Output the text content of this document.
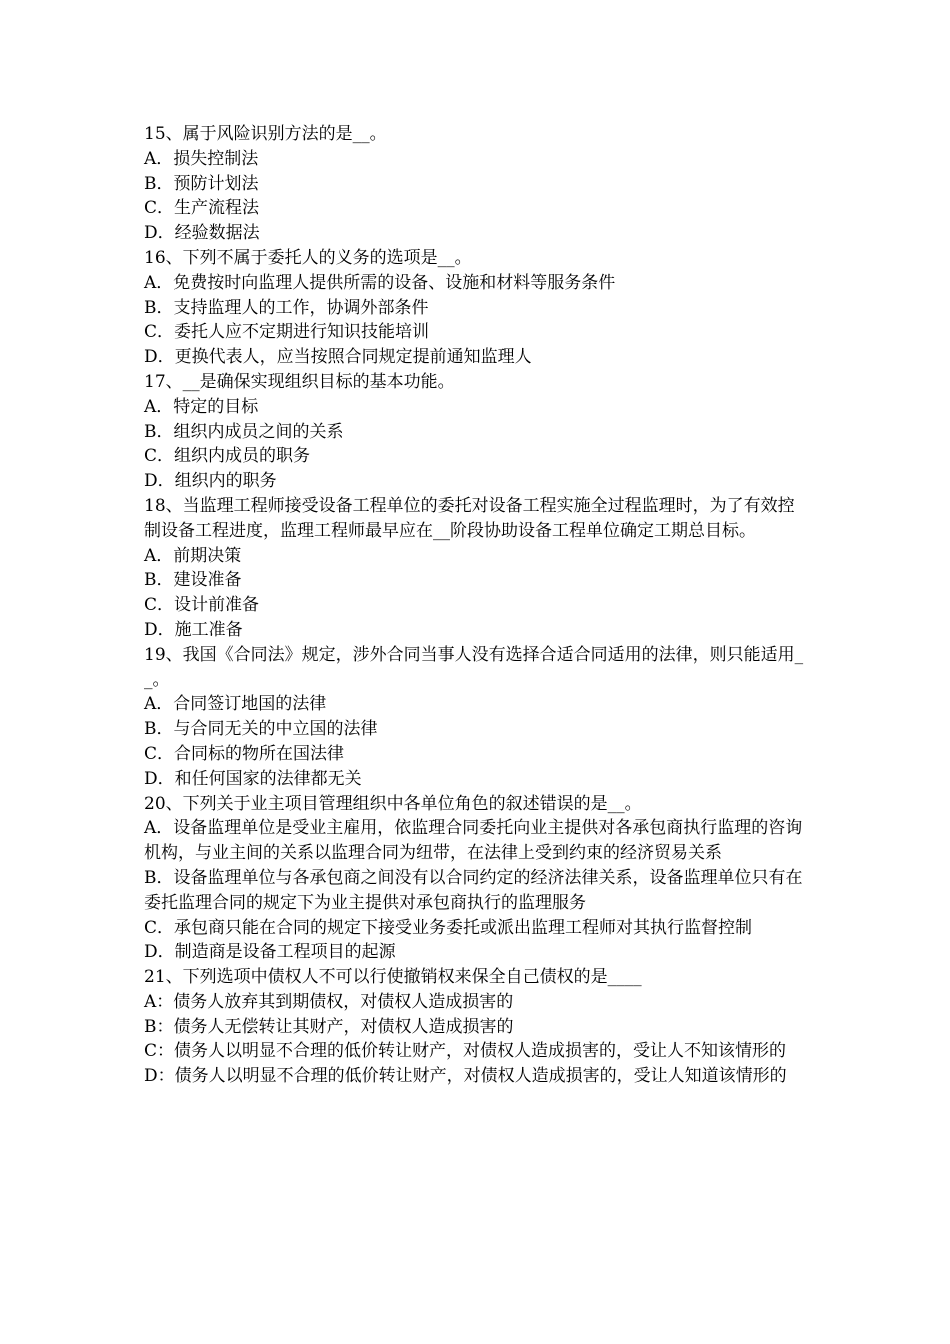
15、属于风险识别方法的是__。
A．损失控制法
B．预防计划法
C．生产流程法
D．经验数据法
16、下列不属于委托人的义务的选项是__。
A．免费按时向监理人提供所需的设备、设施和材料等服务条件
B．支持监理人的工作，协调外部条件
C．委托人应不定期进行知识技能培训
D．更换代表人，应当按照合同规定提前通知监理人
17、__是确保实现组织目标的基本功能。
A．特定的目标
B．组织内成员之间的关系
C．组织内成员的职务
D．组织内的职务
18、当监理工程师接受设备工程单位的委托对设备工程实施全过程监理时，为了有效控制设备工程进度，监理工程师最早应在__阶段协助设备工程单位确定工期总目标。
A．前期决策
B．建设准备
C．设计前准备
D．施工准备
19、我国《合同法》规定，涉外合同当事人没有选择合适合同适用的法律，则只能适用__。
A．合同签订地国的法律
B．与合同无关的中立国的法律
C．合同标的物所在国法律
D．和任何国家的法律都无关
20、下列关于业主项目管理组织中各单位角色的叙述错误的是__。
A．设备监理单位是受业主雇用，依监理合同委托向业主提供对各承包商执行监理的咨询机构，与业主间的关系以监理合同为纽带，在法律上受到约束的经济贸易关系
B．设备监理单位与各承包商之间没有以合同约定的经济法律关系，设备监理单位只有在委托监理合同的规定下为业主提供对承包商执行的监理服务
C．承包商只能在合同的规定下接受业务委托或派出监理工程师对其执行监督控制
D．制造商是设备工程项目的起源
21、下列选项中债权人不可以行使撤销权来保全自己债权的是____
A：债务人放弃其到期债权，对债权人造成损害的
B：债务人无偿转让其财产，对债权人造成损害的
C：债务人以明显不合理的低价转让财产，对债权人造成损害的，受让人不知该情形的
D：债务人以明显不合理的低价转让财产，对债权人造成损害的，受让人知道该情形的
